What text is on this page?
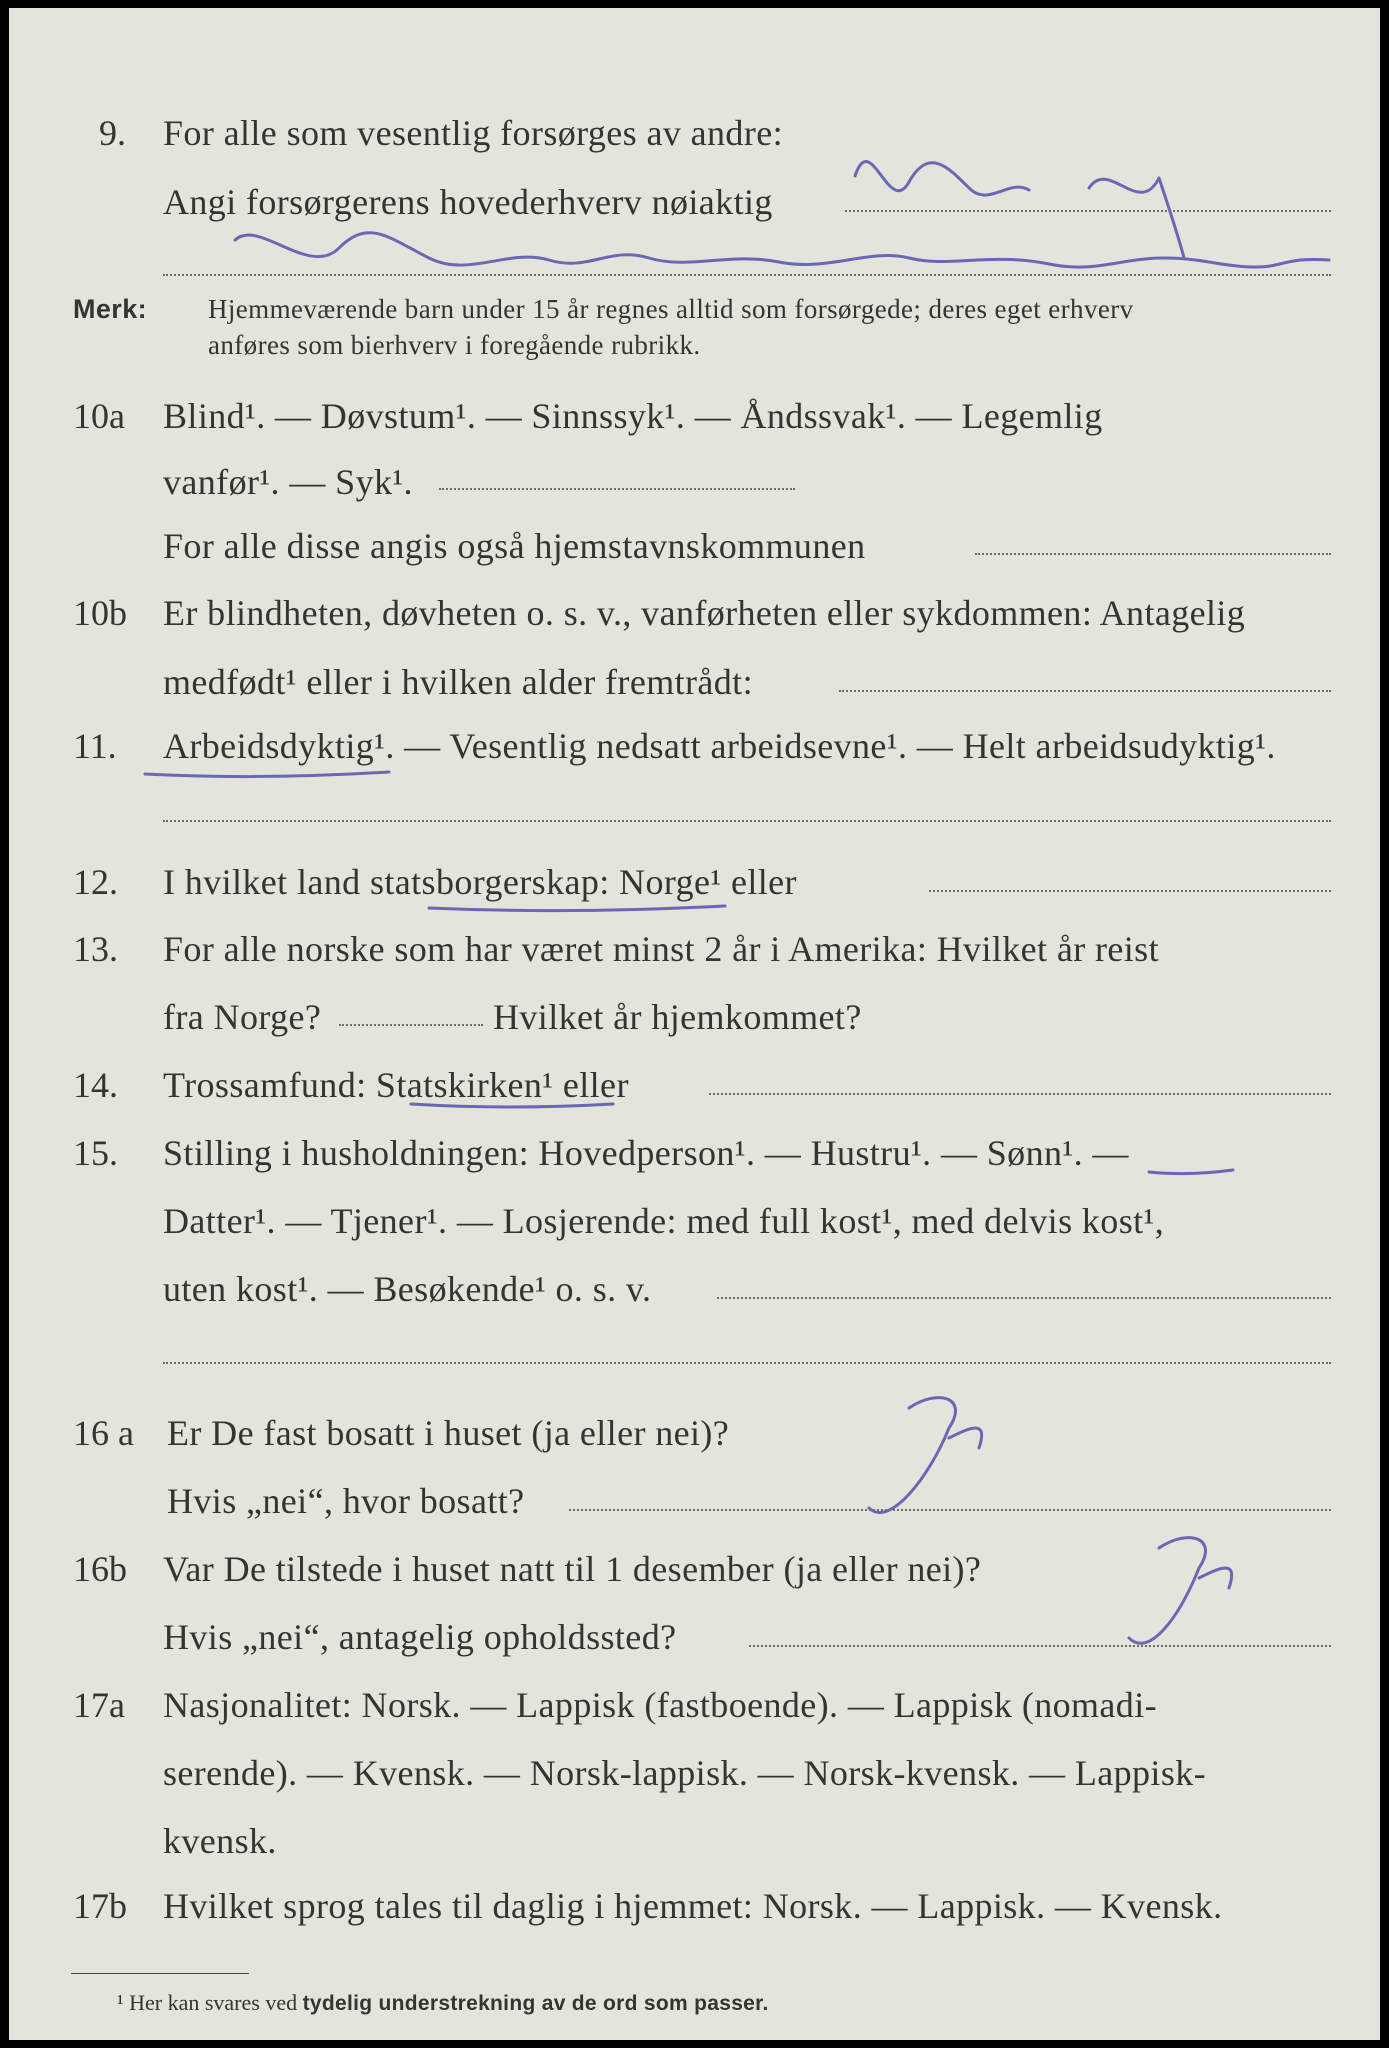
9. For alle som vesentlig forsørges av andre:
Angi forsørgerens hovederhverv nøiaktig
Merk: Hjemmeværende barn under 15 år regnes alltid som forsørgede; deres eget erhverv
anføres som bierhverv i foregående rubrikk.
10a Blind¹. — Døvstum¹. — Sinnssyk¹. — Åndssvak¹. — Legemlig
vanfør¹. — Syk¹.
For alle disse angis også hjemstavnskommunen
10b Er blindheten, døvheten o. s. v., vanførheten eller sykdommen: Antagelig
medfødt¹ eller i hvilken alder fremtrådt:
11. Arbeidsdyktig¹. — Vesentlig nedsatt arbeidsevne¹. — Helt arbeidsudyktig¹.
12. I hvilket land statsborgerskap: Norge¹ eller
13. For alle norske som har været minst 2 år i Amerika: Hvilket år reist
fra Norge?	Hvilket år hjemkommet?
14. Trossamfund: Statskirken¹ eller
15. Stilling i husholdningen: Hovedperson¹. — Hustru¹. — Sønn¹. —
Datter¹. — Tjener¹. — Losjerende: med full kost¹, med delvis kost¹,
uten kost¹. — Besøkende¹ o. s. v.
16 a Er De fast bosatt i huset (ja eller nei)?
Hvis „nei“, hvor bosatt?
16b Var De tilstede i huset natt til 1 desember (ja eller nei)?
Hvis „nei“, antagelig opholdssted?
17a Nasjonalitet: Norsk. — Lappisk (fastboende). — Lappisk (nomadi-
serende). — Kvensk. — Norsk-lappisk. — Norsk-kvensk. — Lappisk-
kvensk.
17b Hvilket sprog tales til daglig i hjemmet: Norsk. — Lappisk. — Kvensk.
¹ Her kan svares ved tydelig understrekning av de ord som passer.
